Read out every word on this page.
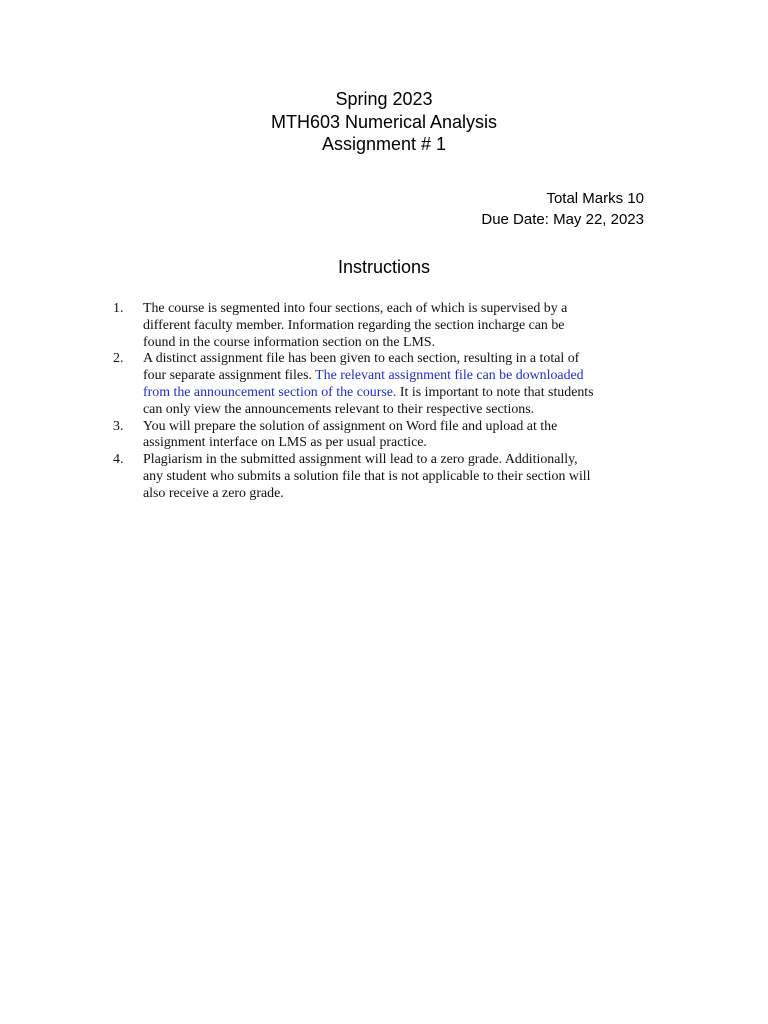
Spring 2023
MTH603 Numerical Analysis
Assignment # 1
Total Marks 10
Due Date: May 22, 2023
Instructions
1.	The course is segmented into four sections, each of which is supervised by a
different faculty member. Information regarding the section incharge can be
found in the course information section on the LMS.
2.	A distinct assignment file has been given to each section, resulting in a total of
four separate assignment files. The relevant assignment file can be downloaded
from the announcement section of the course. It is important to note that students
can only view the announcements relevant to their respective sections.
3.	You will prepare the solution of assignment on Word file and upload at the
assignment interface on LMS as per usual practice.
4.	Plagiarism in the submitted assignment will lead to a zero grade. Additionally,
any student who submits a solution file that is not applicable to their section will
also receive a zero grade.
